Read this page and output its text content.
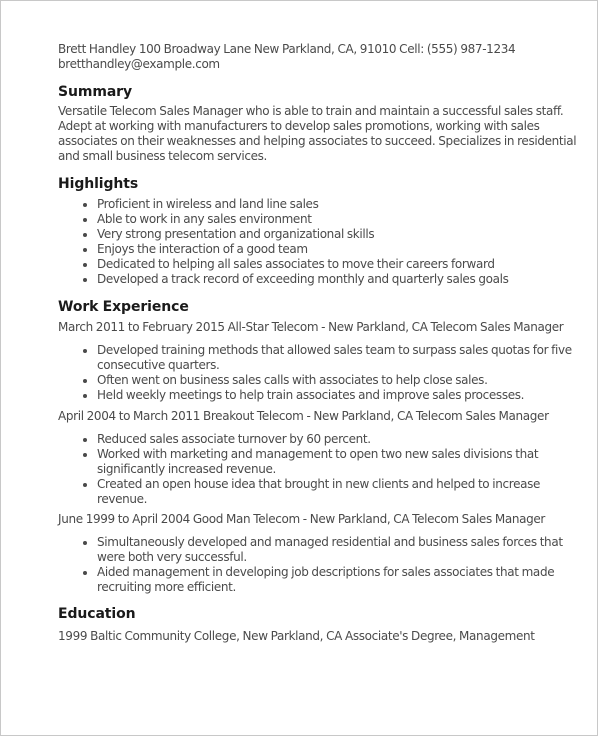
Brett Handley 100 Broadway Lane New Parkland, CA, 91010 Cell: (555) 987-1234

bretthandley@example.com

Summary

Versatile Telecom Sales Manager who is able to train and maintain a successful sales staff. Adept at working with manufacturers to develop sales promotions, working with sales associates on their weaknesses and helping associates to succeed. Specializes in residential and small business telecom services.

Highlights
• Proficient in wireless and land line sales
• Able to work in any sales environment
• Very strong presentation and organizational skills
• Enjoys the interaction of a good team
• Dedicated to helping all sales associates to move their careers forward
• Developed a track record of exceeding monthly and quarterly sales goals
Work Experience

March 2011 to February 2015 All-Star Telecom - New Parkland, CA Telecom Sales Manager

• Developed training methods that allowed sales team to surpass sales quotas for five consecutive quarters.
• Often went on business sales calls with associates to help close sales.
• Held weekly meetings to help train associates and improve sales processes.

April 2004 to March 2011 Breakout Telecom - New Parkland, CA Telecom Sales Manager

• Reduced sales associate turnover by 60 percent.
• Worked with marketing and management to open two new sales divisions that significantly increased revenue.
• Created an open house idea that brought in new clients and helped to increase revenue.

June 1999 to April 2004 Good Man Telecom - New Parkland, CA Telecom Sales Manager

• Simultaneously developed and managed residential and business sales forces that were both very successful.
• Aided management in developing job descriptions for sales associates that made recruiting more efficient.
Education

1999 Baltic Community College, New Parkland, CA Associate's Degree, Management
